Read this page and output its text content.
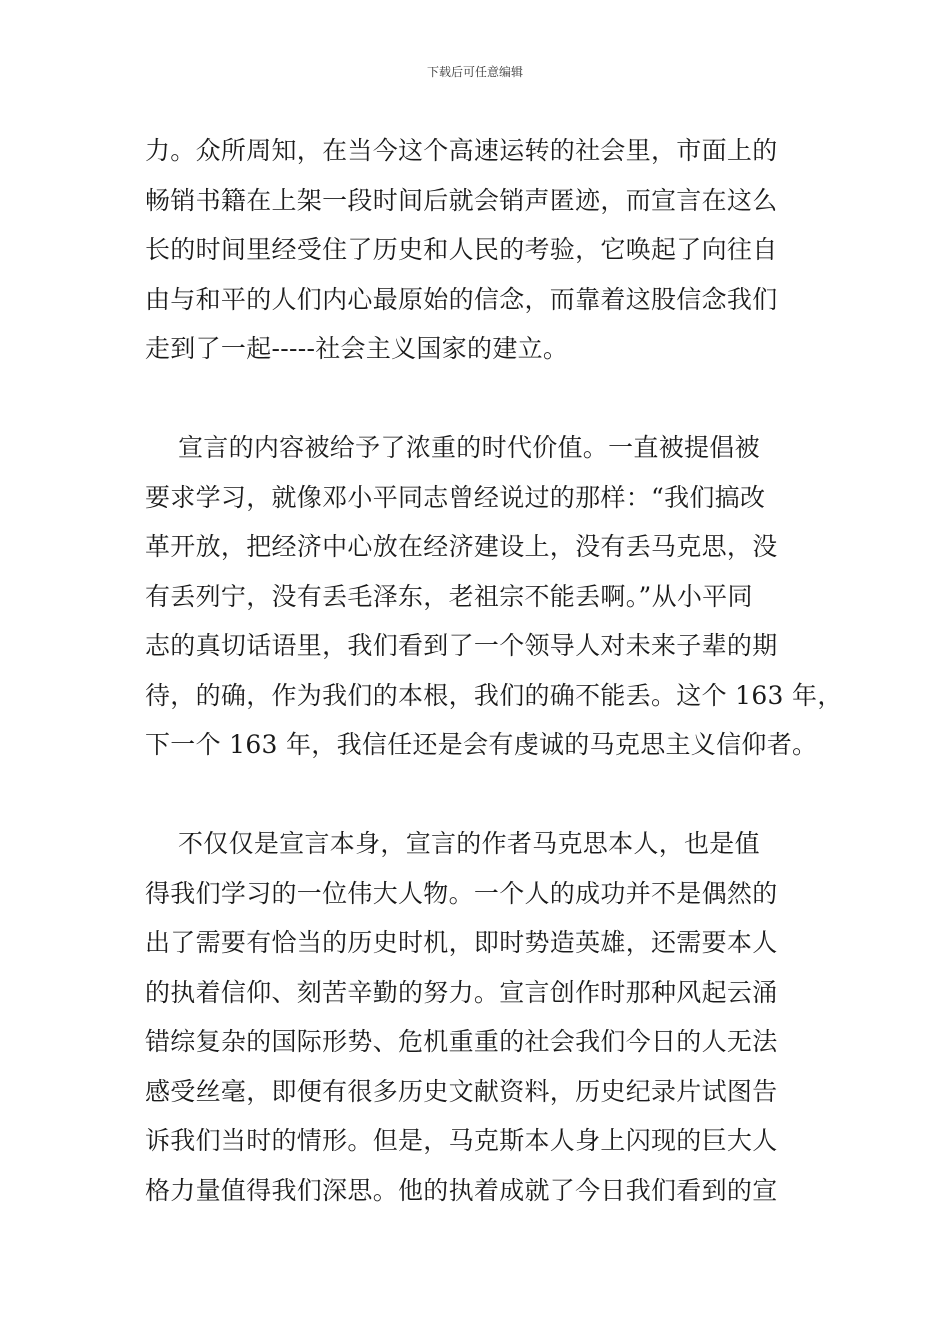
下载后可任意编辑
力。众所周知，在当今这个高速运转的社会里，市面上的
畅销书籍在上架一段时间后就会销声匿迹，而宣言在这么
长的时间里经受住了历史和人民的考验，它唤起了向往自
由与和平的人们内心最原始的信念，而靠着这股信念我们
走到了一起-----社会主义国家的建立。
宣言的内容被给予了浓重的时代价值。一直被提倡被
要求学习，就像邓小平同志曾经说过的那样：“我们搞改
革开放，把经济中心放在经济建设上，没有丢马克思，没
有丢列宁，没有丢毛泽东，老祖宗不能丢啊。”从小平同
志的真切话语里，我们看到了一个领导人对未来子辈的期
待，的确，作为我们的本根，我们的确不能丢。这个 163 年，
下一个 163 年，我信任还是会有虔诚的马克思主义信仰者。
不仅仅是宣言本身，宣言的作者马克思本人，也是值
得我们学习的一位伟大人物。一个人的成功并不是偶然的
出了需要有恰当的历史时机，即时势造英雄，还需要本人
的执着信仰、刻苦辛勤的努力。宣言创作时那种风起云涌
错综复杂的国际形势、危机重重的社会我们今日的人无法
感受丝毫，即便有很多历史文献资料，历史纪录片试图告
诉我们当时的情形。但是，马克斯本人身上闪现的巨大人
格力量值得我们深思。他的执着成就了今日我们看到的宣
